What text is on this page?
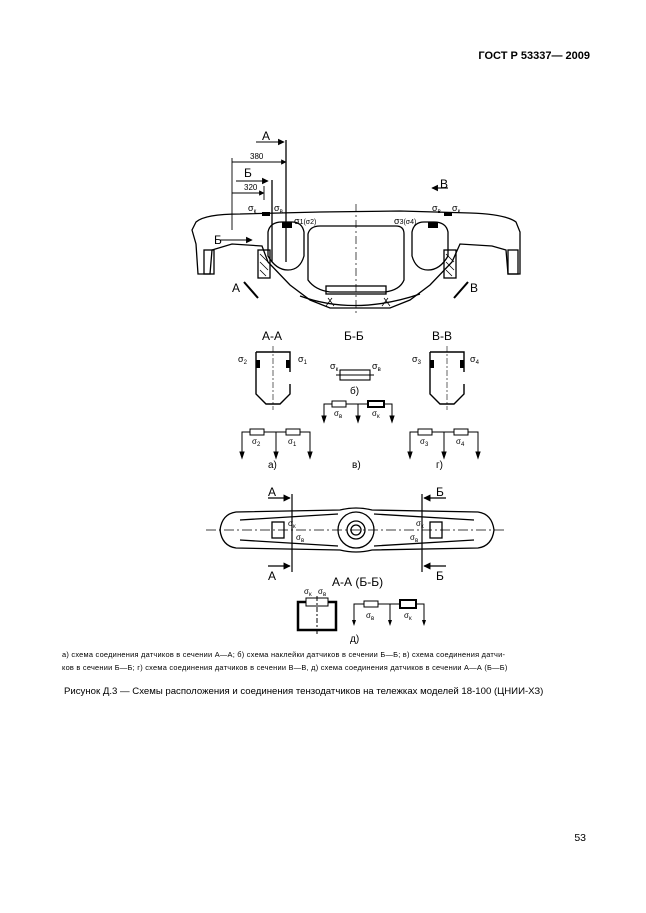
ГОСТ Р 53337— 2009
380
320
А
Б
Б
В
А	В
$\sigma_к$ $\sigma_в$
σ1(σ2)	σ3(σ4)
$\sigma_в$ $\sigma_к$
А-А	Б-Б	В-В
$\sigma_2$	$\sigma_1$	$\sigma_к$	$\sigma_в$
б)
$\sigma_3$	$\sigma_4$
$\sigma_2$	$\sigma_1$
$\sigma_в$	$\sigma_к$
$\sigma_3$	$\sigma_4$
а)	в)	г)
А
А
Б
Б
$\sigma_к$
$\sigma_в$
$\sigma_к$
$\sigma_в$
А-А (Б-Б)
$\sigma_к$ $\sigma_в$
$\sigma_в$	$\sigma_к$
д)
а) схема соединения датчиков в сечении А—А; б) схема наклейки датчиков в сечении Б—Б; в) схема соединения датчи-
ков в сечении Б—Б; г) схема соединения датчиков в сечении В—В, д) схема соединения датчиков в сечении А—А (Б—Б)
Рисунок Д.3 — Схемы расположения и соединения тензодатчиков на тележках моделей 18-100 (ЦНИИ-ХЗ)
53
